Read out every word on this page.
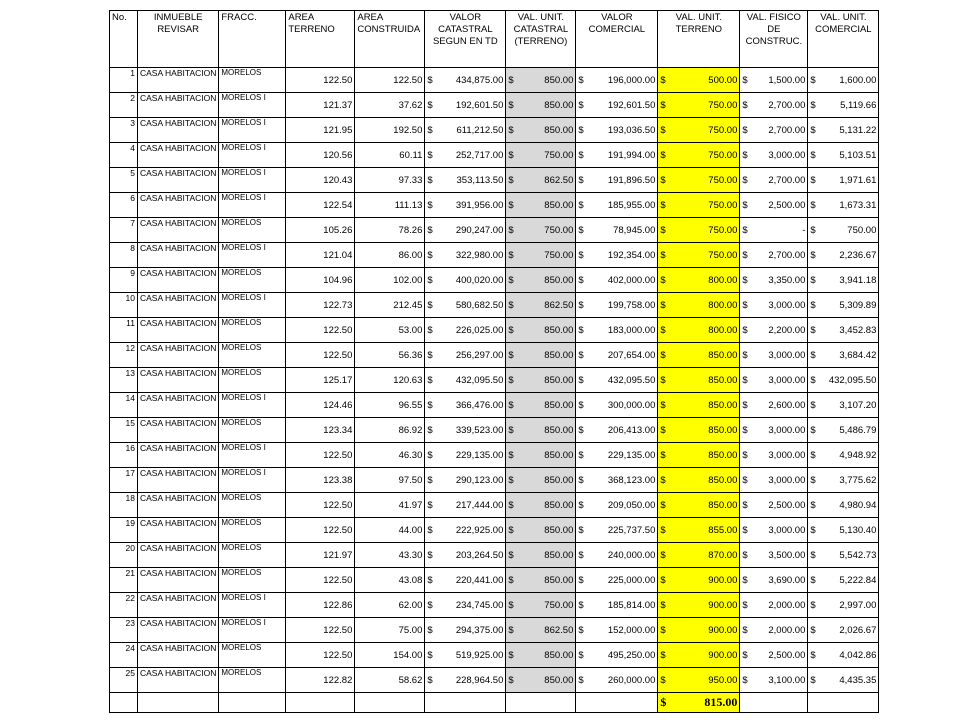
No.	INMUEBLE REVISAR	FRACC.	AREA TERRENO	AREA CONSTRUIDA	VALOR CATASTRAL SEGUN EN TD	VAL. UNIT. CATASTRAL (TERRENO)	VALOR COMERCIAL	VAL. UNIT. TERRENO	VAL. FISICO DE CONSTRUC.	VAL. UNIT. COMERCIAL
1	CASA HABITACION	MORELOS	122.50	122.50	$ 434,875.00	$ 850.00	$ 196,000.00	$ 500.00	$ 1,500.00	$ 1,600.00

2	CASA HABITACION	MORELOS I	121.37	37.62	$ 192,601.50	$ 850.00	$ 192,601.50	$ 750.00	$ 2,700.00	$ 5,119.66

3	CASA HABITACION	MORELOS I	121.95	192.50	$ 611,212.50	$ 850.00	$ 193,036.50	$ 750.00	$ 2,700.00	$ 5,131.22

4	CASA HABITACION	MORELOS I	120.56	60.11	$ 252,717.00	$ 750.00	$ 191,994.00	$ 750.00	$ 3,000.00	$ 5,103.51

5	CASA HABITACION	MORELOS I	120.43	97.33	$ 353,113.50	$ 862.50	$ 191,896.50	$ 750.00	$ 2,700.00	$ 1,971.61

6	CASA HABITACION	MORELOS I	122.54	111.13	$ 391,956.00	$ 850.00	$ 185,955.00	$ 750.00	$ 2,500.00	$ 1,673.31

7	CASA HABITACION	MORELOS	105.26	78.26	$ 290,247.00	$ 750.00	$ 78,945.00	$ 750.00	$ -	$ 750.00

8	CASA HABITACION	MORELOS I	121.04	86.00	$ 322,980.00	$ 750.00	$ 192,354.00	$ 750.00	$ 2,700.00	$ 2,236.67

9	CASA HABITACION	MORELOS	104.96	102.00	$ 400,020.00	$ 850.00	$ 402,000.00	$ 800.00	$ 3,350.00	$ 3,941.18

10	CASA HABITACION	MORELOS I	122.73	212.45	$ 580,682.50	$ 862.50	$ 199,758.00	$ 800.00	$ 3,000.00	$ 5,309.89

11	CASA HABITACION	MORELOS	122.50	53.00	$ 226,025.00	$ 850.00	$ 183,000.00	$ 800.00	$ 2,200.00	$ 3,452.83

12	CASA HABITACION	MORELOS	122.50	56.36	$ 256,297.00	$ 850.00	$ 207,654.00	$ 850.00	$ 3,000.00	$ 3,684.42

13	CASA HABITACION	MORELOS	125.17	120.63	$ 432,095.50	$ 850.00	$ 432,095.50	$ 850.00	$ 3,000.00	$ 432,095.50

14	CASA HABITACION	MORELOS I	124.46	96.55	$ 366,476.00	$ 850.00	$ 300,000.00	$ 850.00	$ 2,600.00	$ 3,107.20

15	CASA HABITACION	MORELOS	123.34	86.92	$ 339,523.00	$ 850.00	$ 206,413.00	$ 850.00	$ 3,000.00	$ 5,486.79

16	CASA HABITACION	MORELOS I	122.50	46.30	$ 229,135.00	$ 850.00	$ 229,135.00	$ 850.00	$ 3,000.00	$ 4,948.92

17	CASA HABITACION	MORELOS I	123.38	97.50	$ 290,123.00	$ 850.00	$ 368,123.00	$ 850.00	$ 3,000.00	$ 3,775.62

18	CASA HABITACION	MORELOS	122.50	41.97	$ 217,444.00	$ 850.00	$ 209,050.00	$ 850.00	$ 2,500.00	$ 4,980.94

19	CASA HABITACION	MORELOS	122.50	44.00	$ 222,925.00	$ 850.00	$ 225,737.50	$ 855.00	$ 3,000.00	$ 5,130.40

20	CASA HABITACION	MORELOS	121.97	43.30	$ 203,264.50	$ 850.00	$ 240,000.00	$ 870.00	$ 3,500.00	$ 5,542.73

21	CASA HABITACION	MORELOS	122.50	43.08	$ 220,441.00	$ 850.00	$ 225,000.00	$ 900.00	$ 3,690.00	$ 5,222.84

22	CASA HABITACION	MORELOS I	122.86	62.00	$ 234,745.00	$ 750.00	$ 185,814.00	$ 900.00	$ 2,000.00	$ 2,997.00

23	CASA HABITACION	MORELOS I	122.50	75.00	$ 294,375.00	$ 862.50	$ 152,000.00	$ 900.00	$ 2,000.00	$ 2,026.67

24	CASA HABITACION	MORELOS	122.50	154.00	$ 519,925.00	$ 850.00	$ 495,250.00	$ 900.00	$ 2,500.00	$ 4,042.86

25	CASA HABITACION	MORELOS	122.82	58.62	$ 228,964.50	$ 850.00	$ 260,000.00	$ 950.00	$ 3,100.00	$ 4,435.35

								$ 815.00		
